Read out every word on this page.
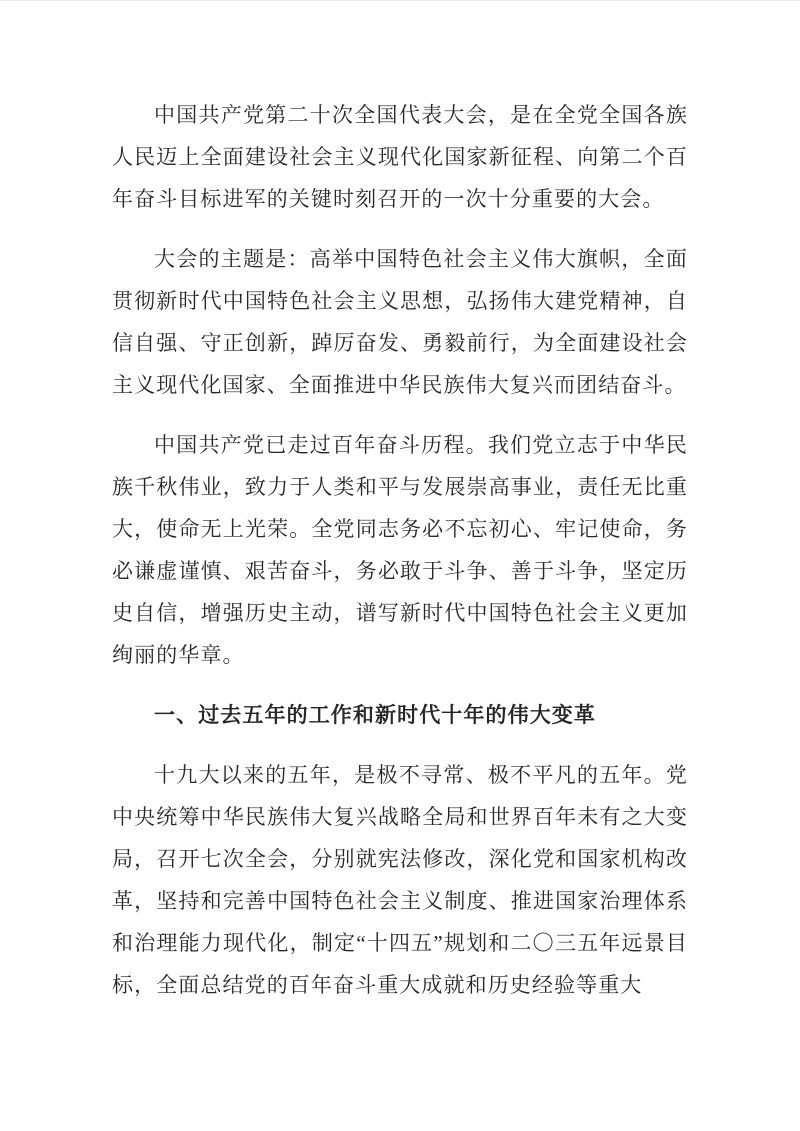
中国共产党第二十次全国代表大会，是在全党全国各族人民迈上全面建设社会主义现代化国家新征程、向第二个百年奋斗目标进军的关键时刻召开的一次十分重要的大会。

大会的主题是：高举中国特色社会主义伟大旗帜，全面贯彻新时代中国特色社会主义思想，弘扬伟大建党精神，自信自强、守正创新，踔厉奋发、勇毅前行，为全面建设社会主义现代化国家、全面推进中华民族伟大复兴而团结奋斗。

中国共产党已走过百年奋斗历程。我们党立志于中华民族千秋伟业，致力于人类和平与发展崇高事业，责任无比重大，使命无上光荣。全党同志务必不忘初心、牢记使命，务必谦虚谨慎、艰苦奋斗，务必敢于斗争、善于斗争，坚定历史自信，增强历史主动，谱写新时代中国特色社会主义更加绚丽的华章。

一、过去五年的工作和新时代十年的伟大变革

十九大以来的五年，是极不寻常、极不平凡的五年。党中央统筹中华民族伟大复兴战略全局和世界百年未有之大变局，召开七次全会，分别就宪法修改，深化党和国家机构改革，坚持和完善中国特色社会主义制度、推进国家治理体系和治理能力现代化，制定“十四五”规划和二〇三五年远景目标，全面总结党的百年奋斗重大成就和历史经验等重大
